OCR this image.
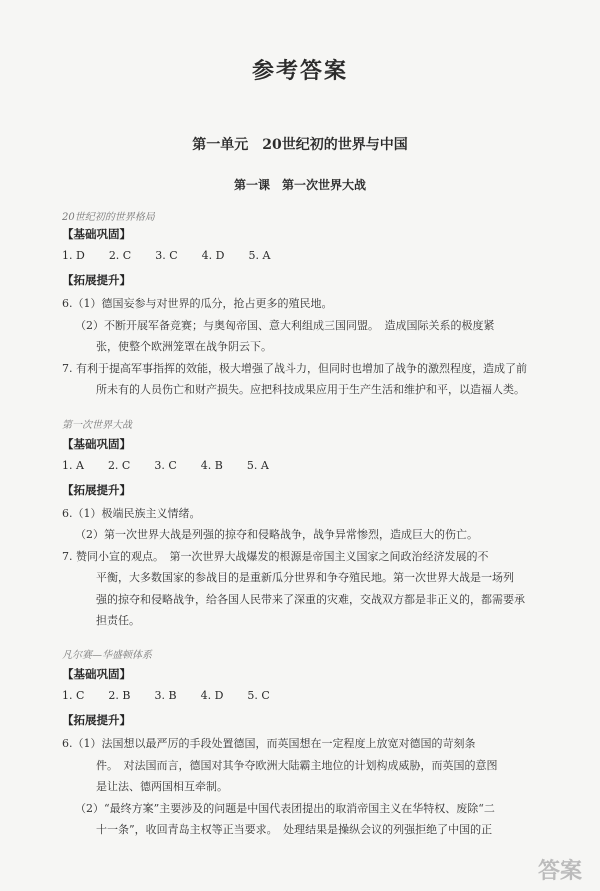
参考答案
第一单元　20世纪初的世界与中国
第一课　第一次世界大战
20世纪初的世界格局
【基础巩固】
1. D 2. C 3. C 4. D 5. A
【拓展提升】
6.（1）德国妄参与对世界的瓜分，抢占更多的殖民地。
（2）不断开展军备竞赛；与奥匈帝国、意大利组成三国同盟。　造成国际关系的极度紧
张，使整个欧洲笼罩在战争阴云下。
7. 有利于提高军事指挥的效能，极大增强了战斗力，但同时也增加了战争的激烈程度，造成了前
所未有的人员伤亡和财产损失。应把科技成果应用于生产生活和维护和平，以造福人类。
第一次世界大战
【基础巩固】
1. A 2. C 3. C 4. B 5. A
【拓展提升】
6.（1）极端民族主义情绪。
（2）第一次世界大战是列强的掠夺和侵略战争，战争异常惨烈，造成巨大的伤亡。
7. 赞同小宣的观点。　第一次世界大战爆发的根源是帝国主义国家之间政治经济发展的不
平衡，大多数国家的参战目的是重新瓜分世界和争夺殖民地。第一次世界大战是一场列
强的掠夺和侵略战争，给各国人民带来了深重的灾难，交战双方都是非正义的，都需要承
担责任。
凡尔赛—华盛顿体系
【基础巩固】
1. C 2. B 3. B 4. D 5. C
【拓展提升】
6.（1）法国想以最严厉的手段处置德国，而英国想在一定程度上放宽对德国的苛刻条
件。　对法国而言，德国对其争夺欧洲大陆霸主地位的计划构成威胁，而英国的意图
是让法、德两国相互牵制。
（2）“最终方案”主要涉及的问题是中国代表团提出的取消帝国主义在华特权、废除“二
十一条”，收回青岛主权等正当要求。　处理结果是操纵会议的列强拒绝了中国的正
答案
